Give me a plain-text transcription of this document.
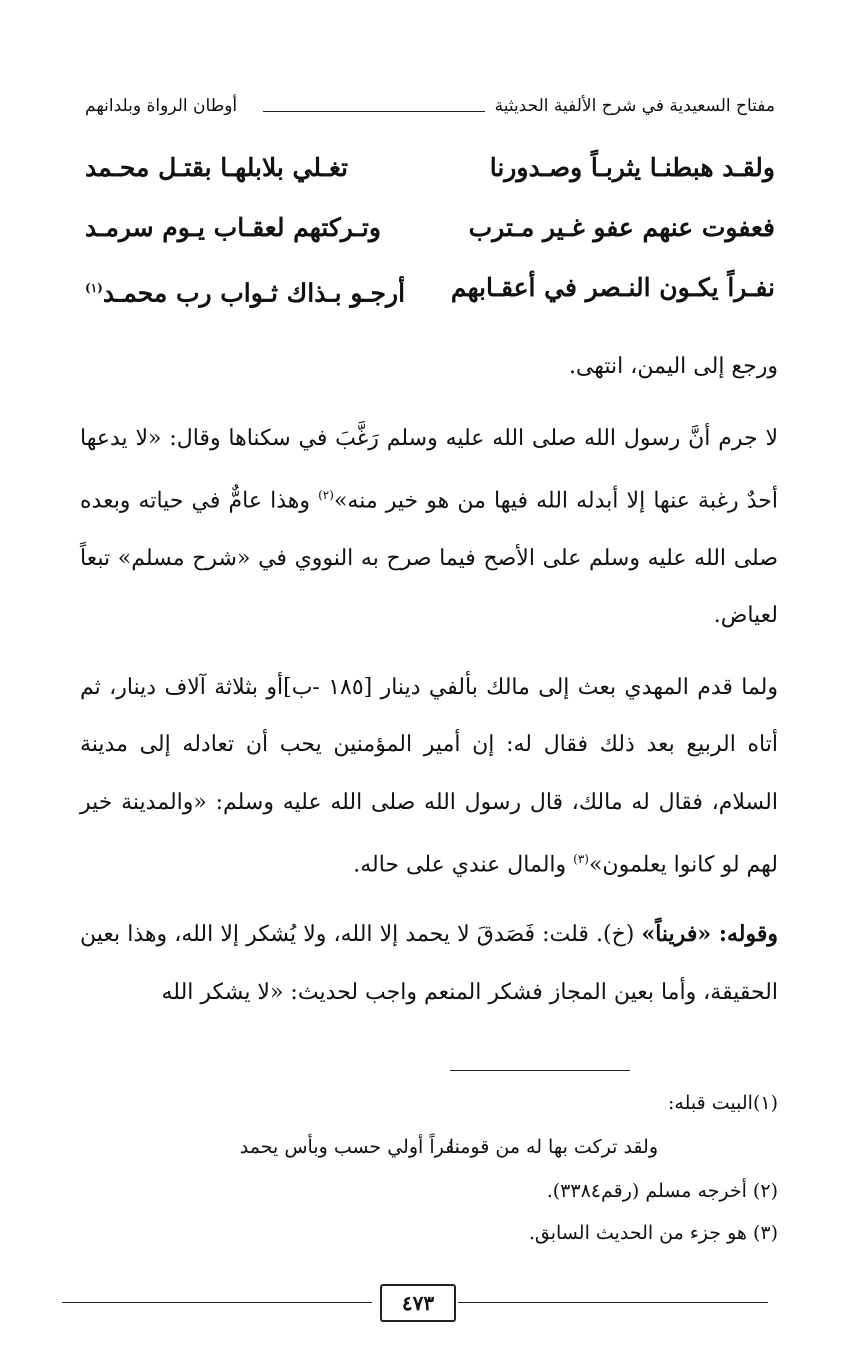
مفتاح السعيدية في شرح الألفية الحديثية
أوطان الرواة وبلدانهم
ولقـد هبطنـا يثربـاً وصـدورنا
تغـلي بلابلهـا بقتـل محـمد
فعفوت عنهم عفو غـير مـترب
وتـركتهم لعقـاب يـوم سرمـد
نفـراً يكـون النـصر في أعقـابهم
أرجـو بـذاك ثـواب رب محمـد$^{(١)}$

ورجع إلى اليمن، انتهى.

لا جرم أنَّ رسول الله صلى الله عليه وسلم رَغَّبَ في سكناها وقال: «لا يدعها أحدٌ رغبة عنها إلا أبدله الله فيها من هو خير منه»$^{(٢)}$ وهذا عامٌّ في حياته وبعده صلى الله عليه وسلم على الأصح فيما صرح به النووي في «شرح مسلم» تبعاً لعياض.

ولما قدم المهدي بعث إلى مالك بألفي دينار [١٨٥ -ب]أو بثلاثة آلاف دينار، ثم أتاه الربيع بعد ذلك فقال له: إن أمير المؤمنين يحب أن تعادله إلى مدينة السلام، فقال له مالك، قال رسول الله صلى الله عليه وسلم: «والمدينة خير لهم لو كانوا يعلمون»$^{(٣)}$ والمال عندي على حاله.

وقوله: «فريناً» (خ). قلت: فَصَدقَ لا يحمد إلا الله، ولا يُشكر إلا الله، وهذا بعين الحقيقة، وأما بعين المجاز فشكر المنعم واجب لحديث: «لا يشكر الله

(١)البيت قبله:
ولقد تركت بها له من قومنا
نفراً أولي حسب وبأس يحمد
(٢) أخرجه مسلم (رقم٣٣٨٤).
(٣) هو جزء من الحديث السابق.
٤٧٣
